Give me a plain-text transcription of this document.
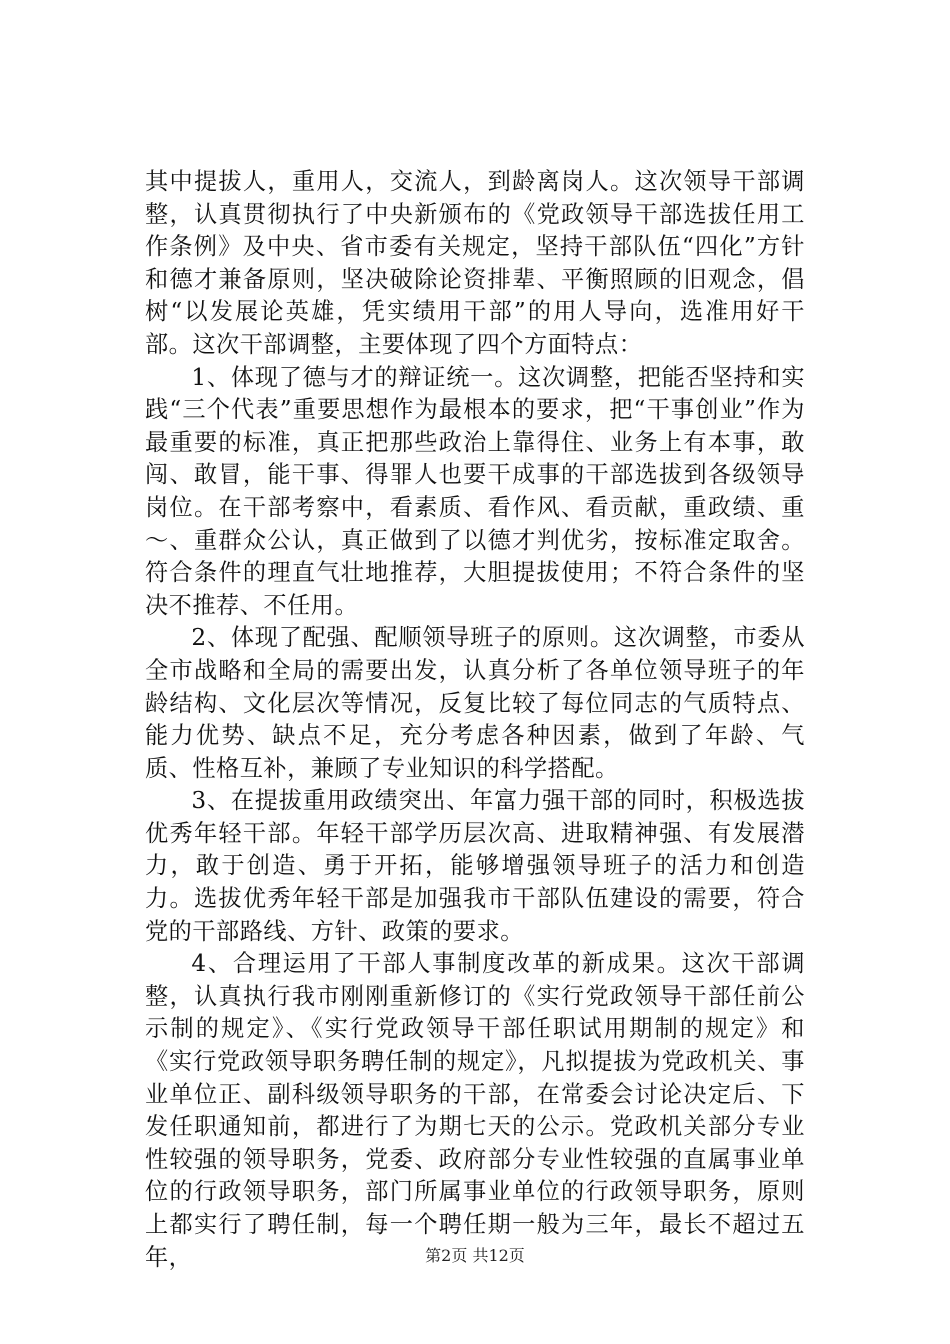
其中提拔人，重用人，交流人，到龄离岗人。这次领导干部调整，认真贯彻执行了中央新颁布的《党政领导干部选拔任用工作条例》及中央、省市委有关规定，坚持干部队伍“四化”方针和德才兼备原则，坚决破除论资排辈、平衡照顾的旧观念，倡树“以发展论英雄，凭实绩用干部”的用人导向，选准用好干部。这次干部调整，主要体现了四个方面特点：

1、体现了德与才的辩证统一。这次调整，把能否坚持和实践“三个代表”重要思想作为最根本的要求，把“干事创业”作为最重要的标准，真正把那些政治上靠得住、业务上有本事，敢闯、敢冒，能干事、得罪人也要干成事的干部选拔到各级领导岗位。在干部考察中，看素质、看作风、看贡献，重政绩、重～、重群众公认，真正做到了以德才判优劣，按标准定取舍。符合条件的理直气壮地推荐，大胆提拔使用；不符合条件的坚决不推荐、不任用。

2、体现了配强、配顺领导班子的原则。这次调整，市委从全市战略和全局的需要出发，认真分析了各单位领导班子的年龄结构、文化层次等情况，反复比较了每位同志的气质特点、能力优势、缺点不足，充分考虑各种因素，做到了年龄、气质、性格互补，兼顾了专业知识的科学搭配。

3、在提拔重用政绩突出、年富力强干部的同时，积极选拔优秀年轻干部。年轻干部学历层次高、进取精神强、有发展潜力，敢于创造、勇于开拓，能够增强领导班子的活力和创造力。选拔优秀年轻干部是加强我市干部队伍建设的需要，符合党的干部路线、方针、政策的要求。

4、合理运用了干部人事制度改革的新成果。这次干部调整，认真执行我市刚刚重新修订的《实行党政领导干部任前公示制的规定》、《实行党政领导干部任职试用期制的规定》和《实行党政领导职务聘任制的规定》，凡拟提拔为党政机关、事业单位正、副科级领导职务的干部，在常委会讨论决定后、下发任职通知前，都进行了为期七天的公示。党政机关部分专业性较强的领导职务，党委、政府部分专业性较强的直属事业单位的行政领导职务，部门所属事业单位的行政领导职务，原则上都实行了聘任制，每一个聘任期一般为三年，最长不超过五年，	第2页 共12页
